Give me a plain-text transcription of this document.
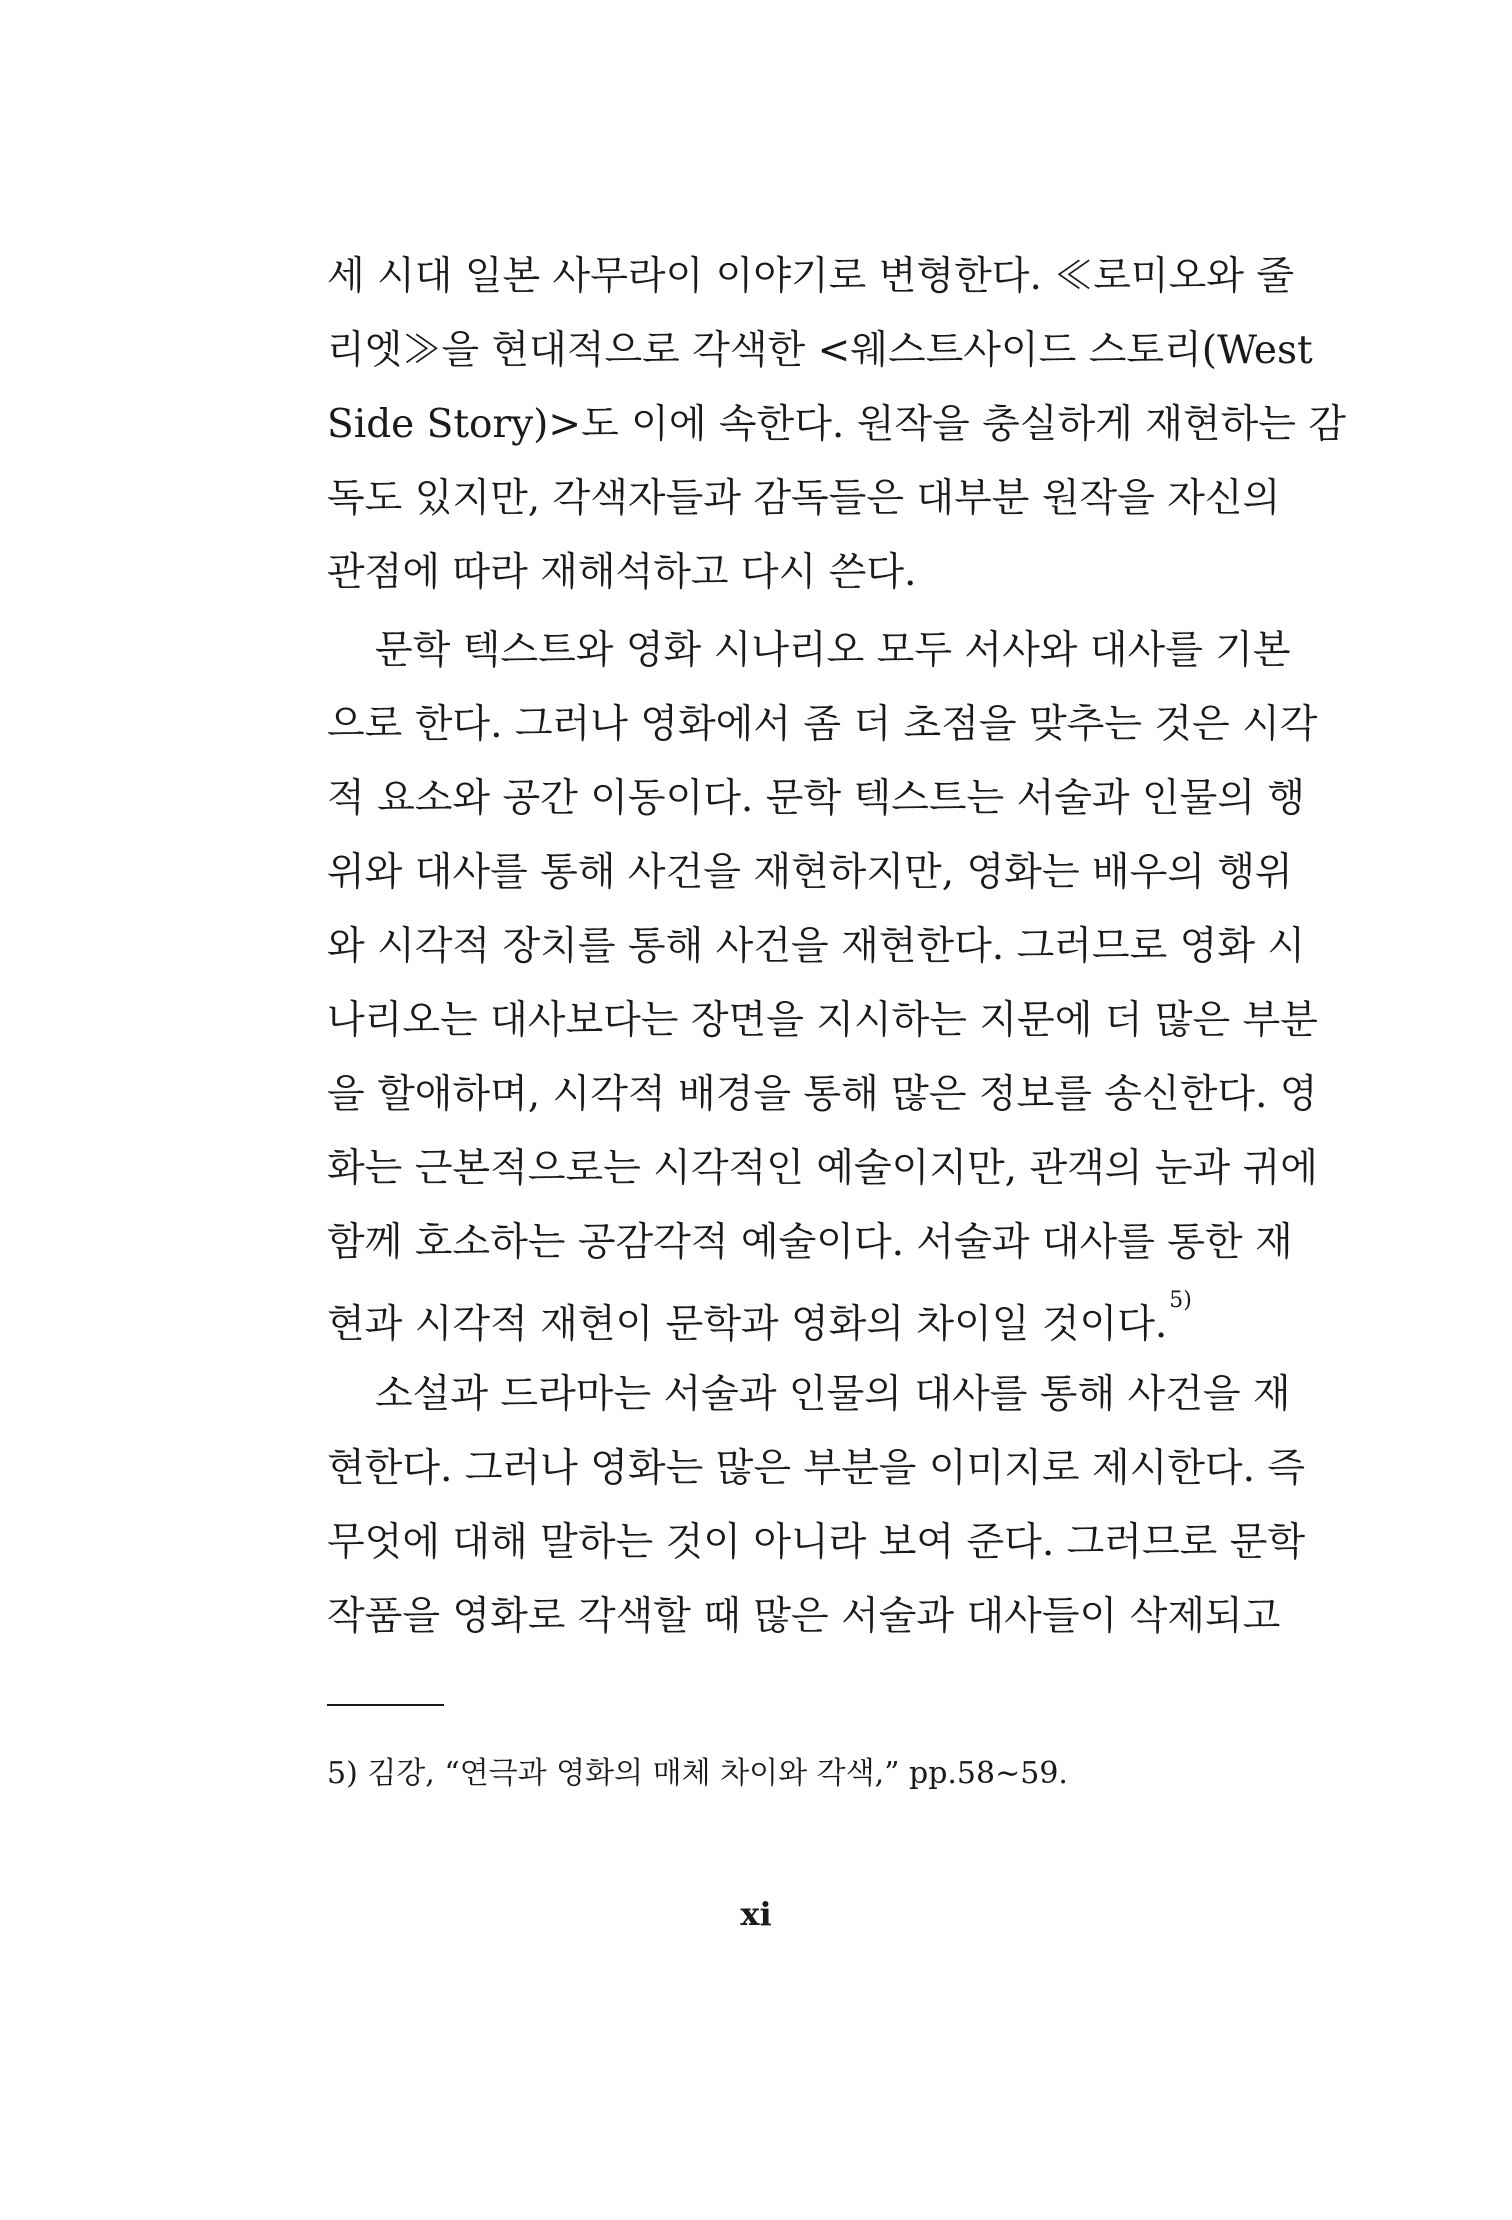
세 시대 일본 사무라이 이야기로 변형한다. ≪로미오와 줄
리엣≫을 현대적으로 각색한 <웨스트사이드 스토리(West
Side Story)>도 이에 속한다. 원작을 충실하게 재현하는 감
독도 있지만, 각색자들과 감독들은 대부분 원작을 자신의
관점에 따라 재해석하고 다시 쓴다.
문학 텍스트와 영화 시나리오 모두 서사와 대사를 기본
으로 한다. 그러나 영화에서 좀 더 초점을 맞추는 것은 시각
적 요소와 공간 이동이다. 문학 텍스트는 서술과 인물의 행
위와 대사를 통해 사건을 재현하지만, 영화는 배우의 행위
와 시각적 장치를 통해 사건을 재현한다. 그러므로 영화 시
나리오는 대사보다는 장면을 지시하는 지문에 더 많은 부분
을 할애하며, 시각적 배경을 통해 많은 정보를 송신한다. 영
화는 근본적으로는 시각적인 예술이지만, 관객의 눈과 귀에
함께 호소하는 공감각적 예술이다. 서술과 대사를 통한 재
현과 시각적 재현이 문학과 영화의 차이일 것이다.$^{5)}$
소설과 드라마는 서술과 인물의 대사를 통해 사건을 재
현한다. 그러나 영화는 많은 부분을 이미지로 제시한다. 즉
무엇에 대해 말하는 것이 아니라 보여 준다. 그러므로 문학
작품을 영화로 각색할 때 많은 서술과 대사들이 삭제되고
5) 김강, “연극과 영화의 매체 차이와 각색,” pp.58∼59.
xi
